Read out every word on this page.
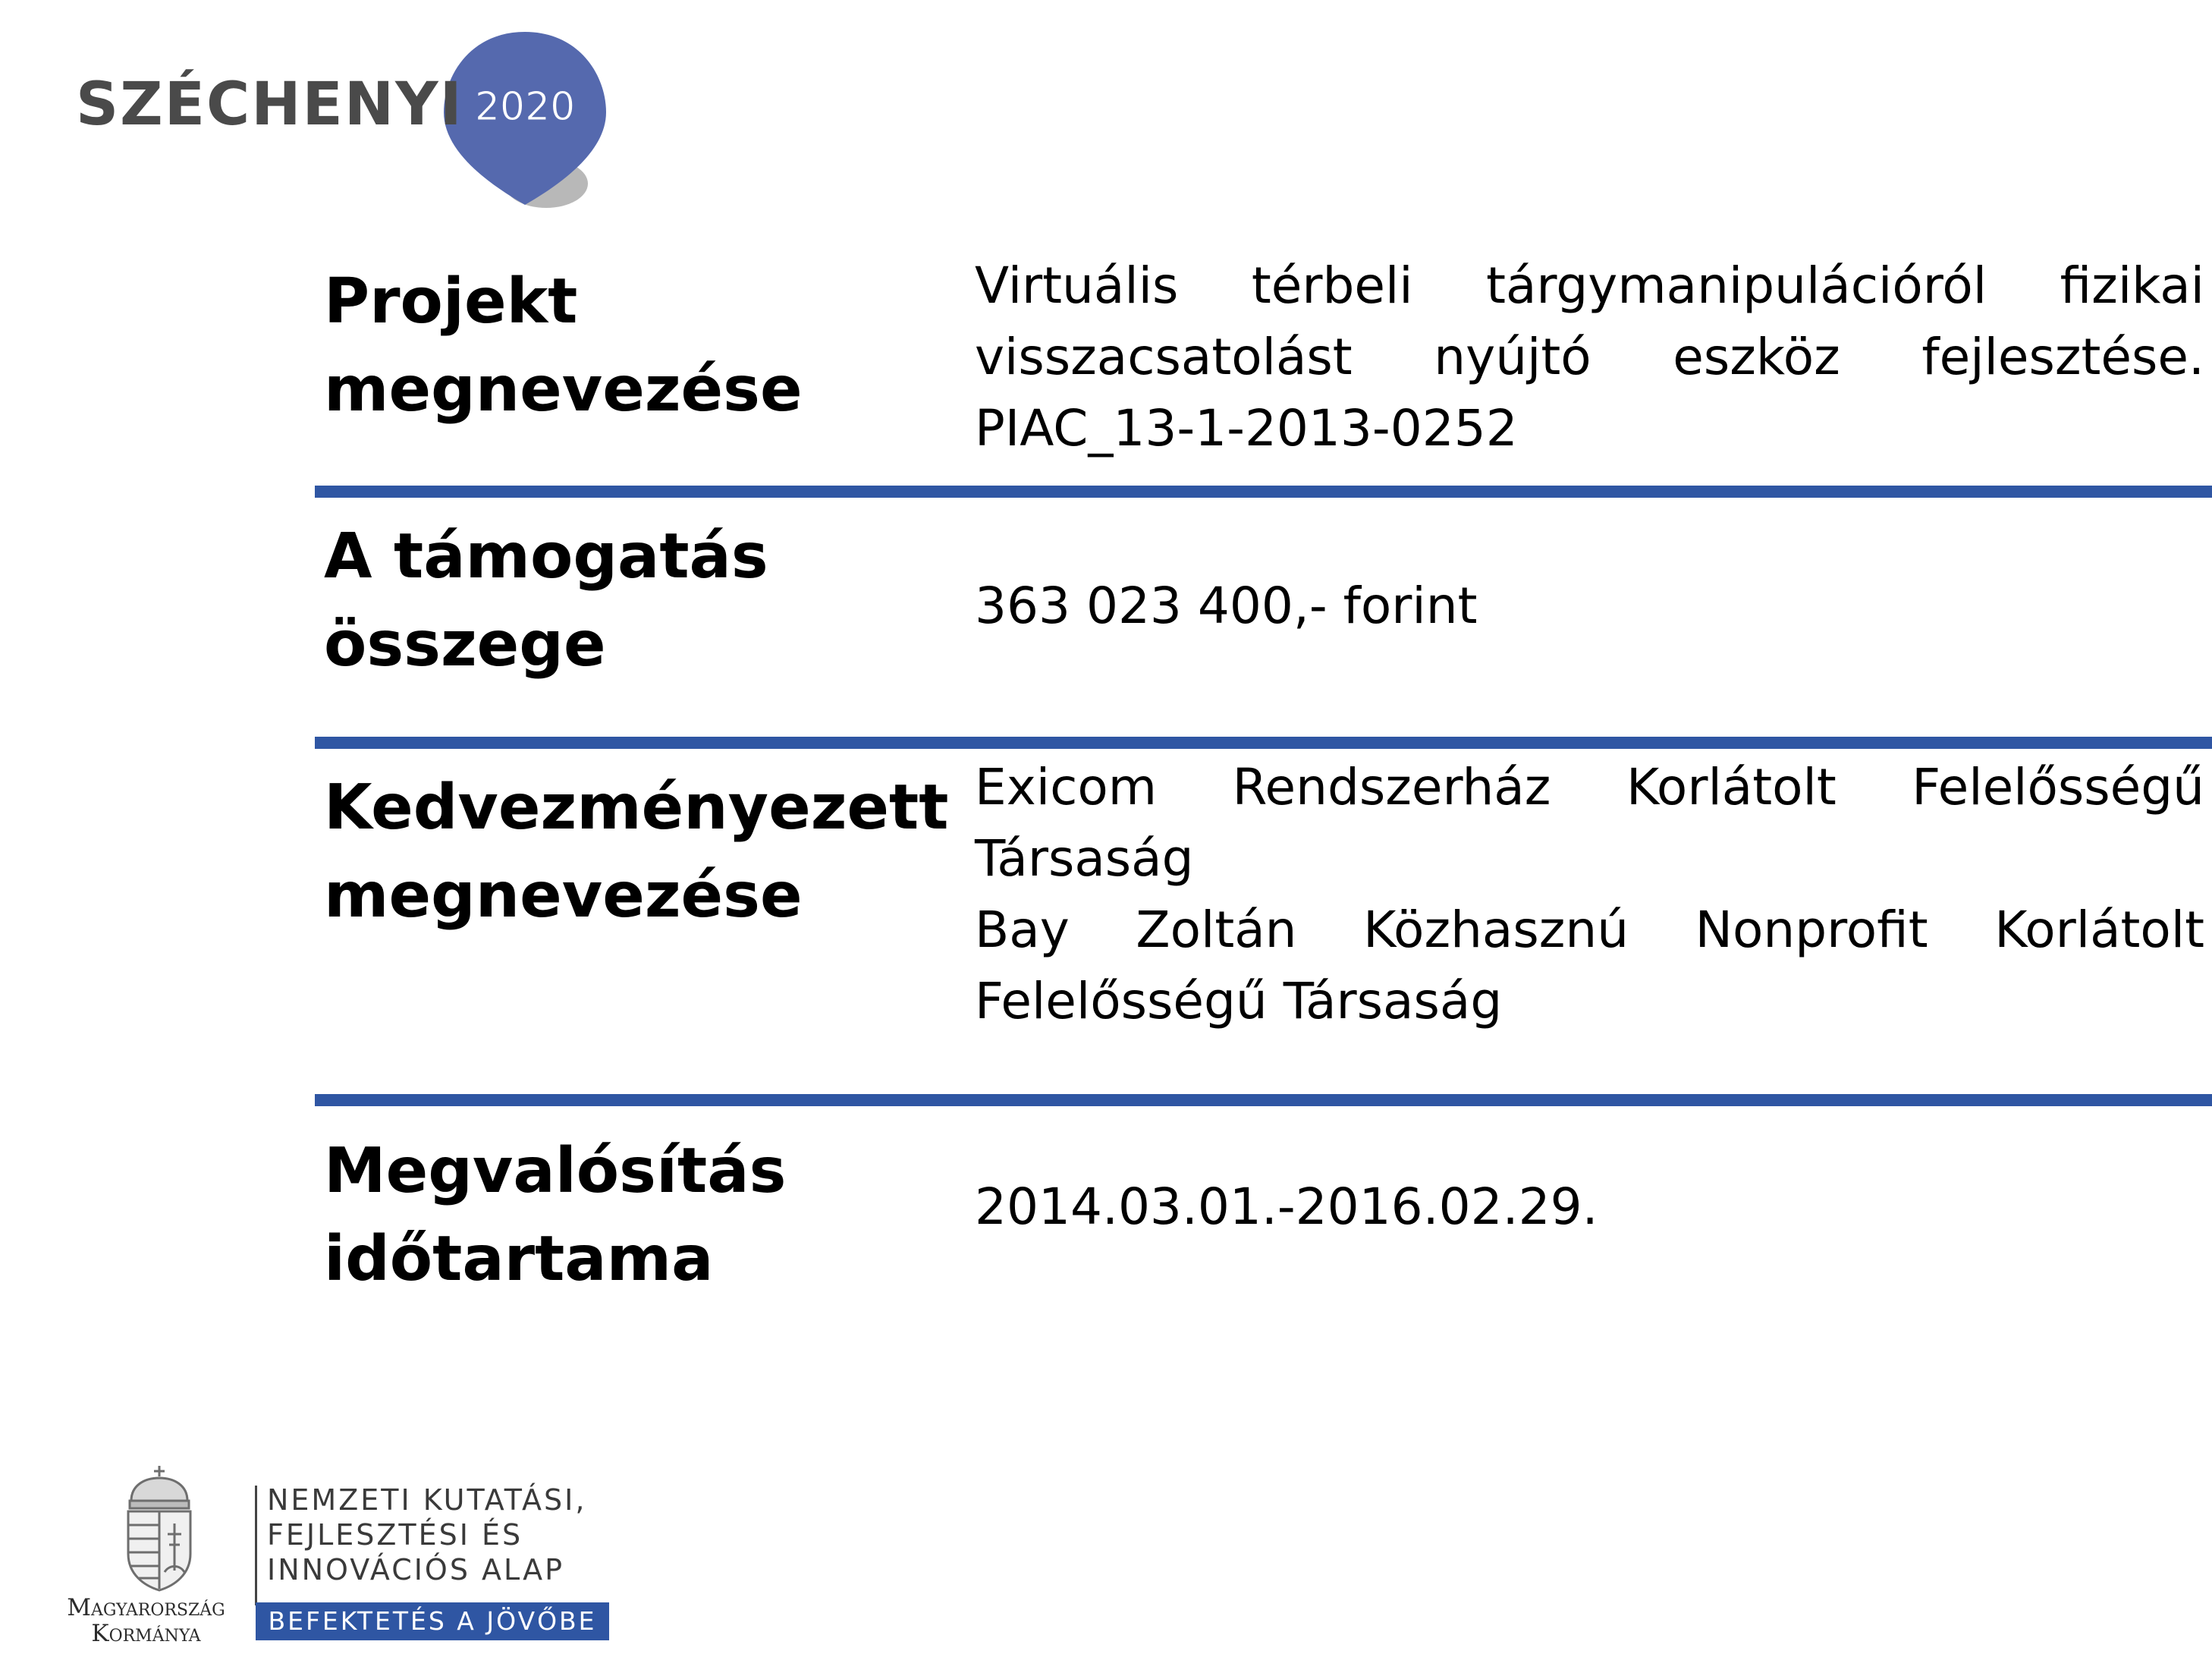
SZÉCHENYI 2020
Projekt
megnevezése
Virtuális térbeli tárgymanipulációról fizikai
visszacsatolást nyújtó eszköz fejlesztése.
PIAC_13-1-2013-0252
A támogatás
összege
363 023 400,- forint
Kedvezményezett
megnevezése
Exicom Rendszerház Korlátolt Felelősségű
Társaság
Bay Zoltán Közhasznú Nonprofit Korlátolt
Felelősségű Társaság
Megvalósítás
időtartama
2014.03.01.-2016.02.29.
Magyarország Kormánya
NEMZETI KUTATÁSI,
FEJLESZTÉSI ÉS
INNOVÁCIÓS ALAP
BEFEKTETÉS A JÖVŐBE
